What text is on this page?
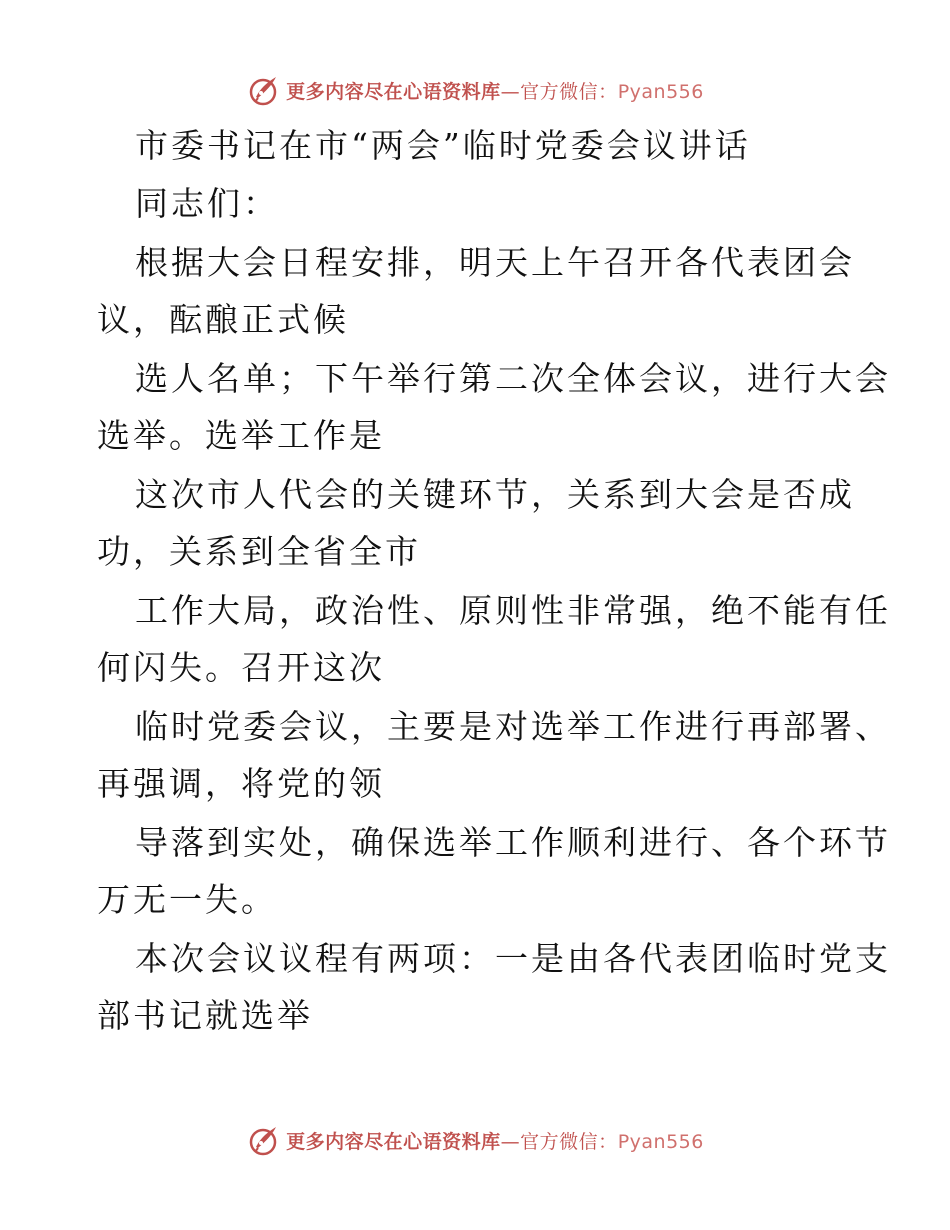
更多内容尽在心语资料库—官方微信：Pyan556
市委书记在市“两会”临时党委会议讲话
同志们：
根据大会日程安排，明天上午召开各代表团会
议，酝酿正式候
选人名单；下午举行第二次全体会议，进行大会
选举。选举工作是
这次市人代会的关键环节，关系到大会是否成
功，关系到全省全市
工作大局，政治性、原则性非常强，绝不能有任
何闪失。召开这次
临时党委会议，主要是对选举工作进行再部署、
再强调，将党的领
导落到实处，确保选举工作顺利进行、各个环节
万无一失。
本次会议议程有两项：一是由各代表团临时党支
部书记就选举
更多内容尽在心语资料库—官方微信：Pyan556
